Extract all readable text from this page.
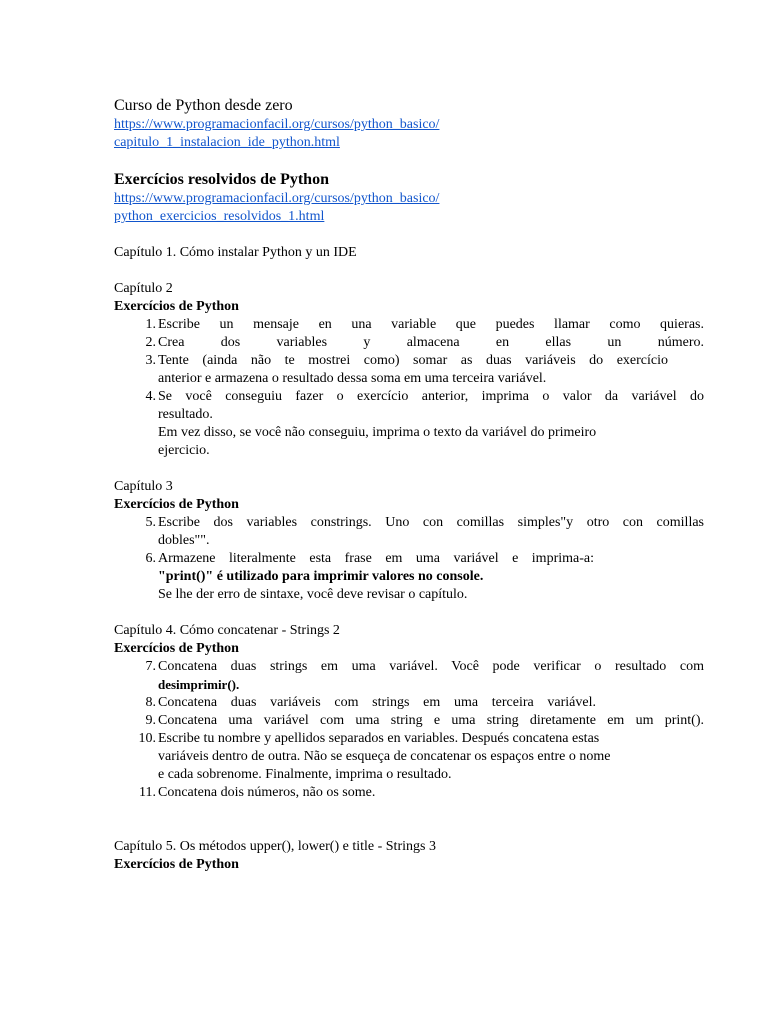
Curso de Python desde zero
https://www.programacionfacil.org/cursos/python_basico/
capitulo_1_instalacion_ide_python.html
Exercícios resolvidos de Python
https://www.programacionfacil.org/cursos/python_basico/
python_exercicios_resolvidos_1.html
Capítulo 1. Cómo instalar Python y un IDE
Capítulo 2
Exercícios de Python
1. Escribe un mensaje en una variable que puedes llamar como quieras.
2. Crea dos variables y almacena en ellas un número.
3. Tente (ainda não te mostrei como) somar as duas variáveis do exercício
anterior e armazena o resultado dessa soma em uma terceira variável.
4. Se você conseguiu fazer o exercício anterior, imprima o valor da variável do
resultado.
Em vez disso, se você não conseguiu, imprima o texto da variável do primeiro
ejercicio.
Capítulo 3
Exercícios de Python
5. Escribe dos variables constrings. Uno con comillas simples"y otro con comillas
dobles"".
6. Armazene literalmente esta frase em uma variável e imprima-a:
"print()" é utilizado para imprimir valores no console.
Se lhe der erro de sintaxe, você deve revisar o capítulo.
Capítulo 4. Cómo concatenar - Strings 2
Exercícios de Python
7. Concatena duas strings em uma variável. Você pode verificar o resultado com
desimprimir().
8. Concatena duas variáveis com strings em uma terceira variável.
9. Concatena uma variável com uma string e uma string diretamente em um print().
10. Escribe tu nombre y apellidos separados en variables. Después concatena estas
variáveis dentro de outra. Não se esqueça de concatenar os espaços entre o nome
e cada sobrenome. Finalmente, imprima o resultado.
11. Concatena dois números, não os some.
Capítulo 5. Os métodos upper(), lower() e title - Strings 3
Exercícios de Python
